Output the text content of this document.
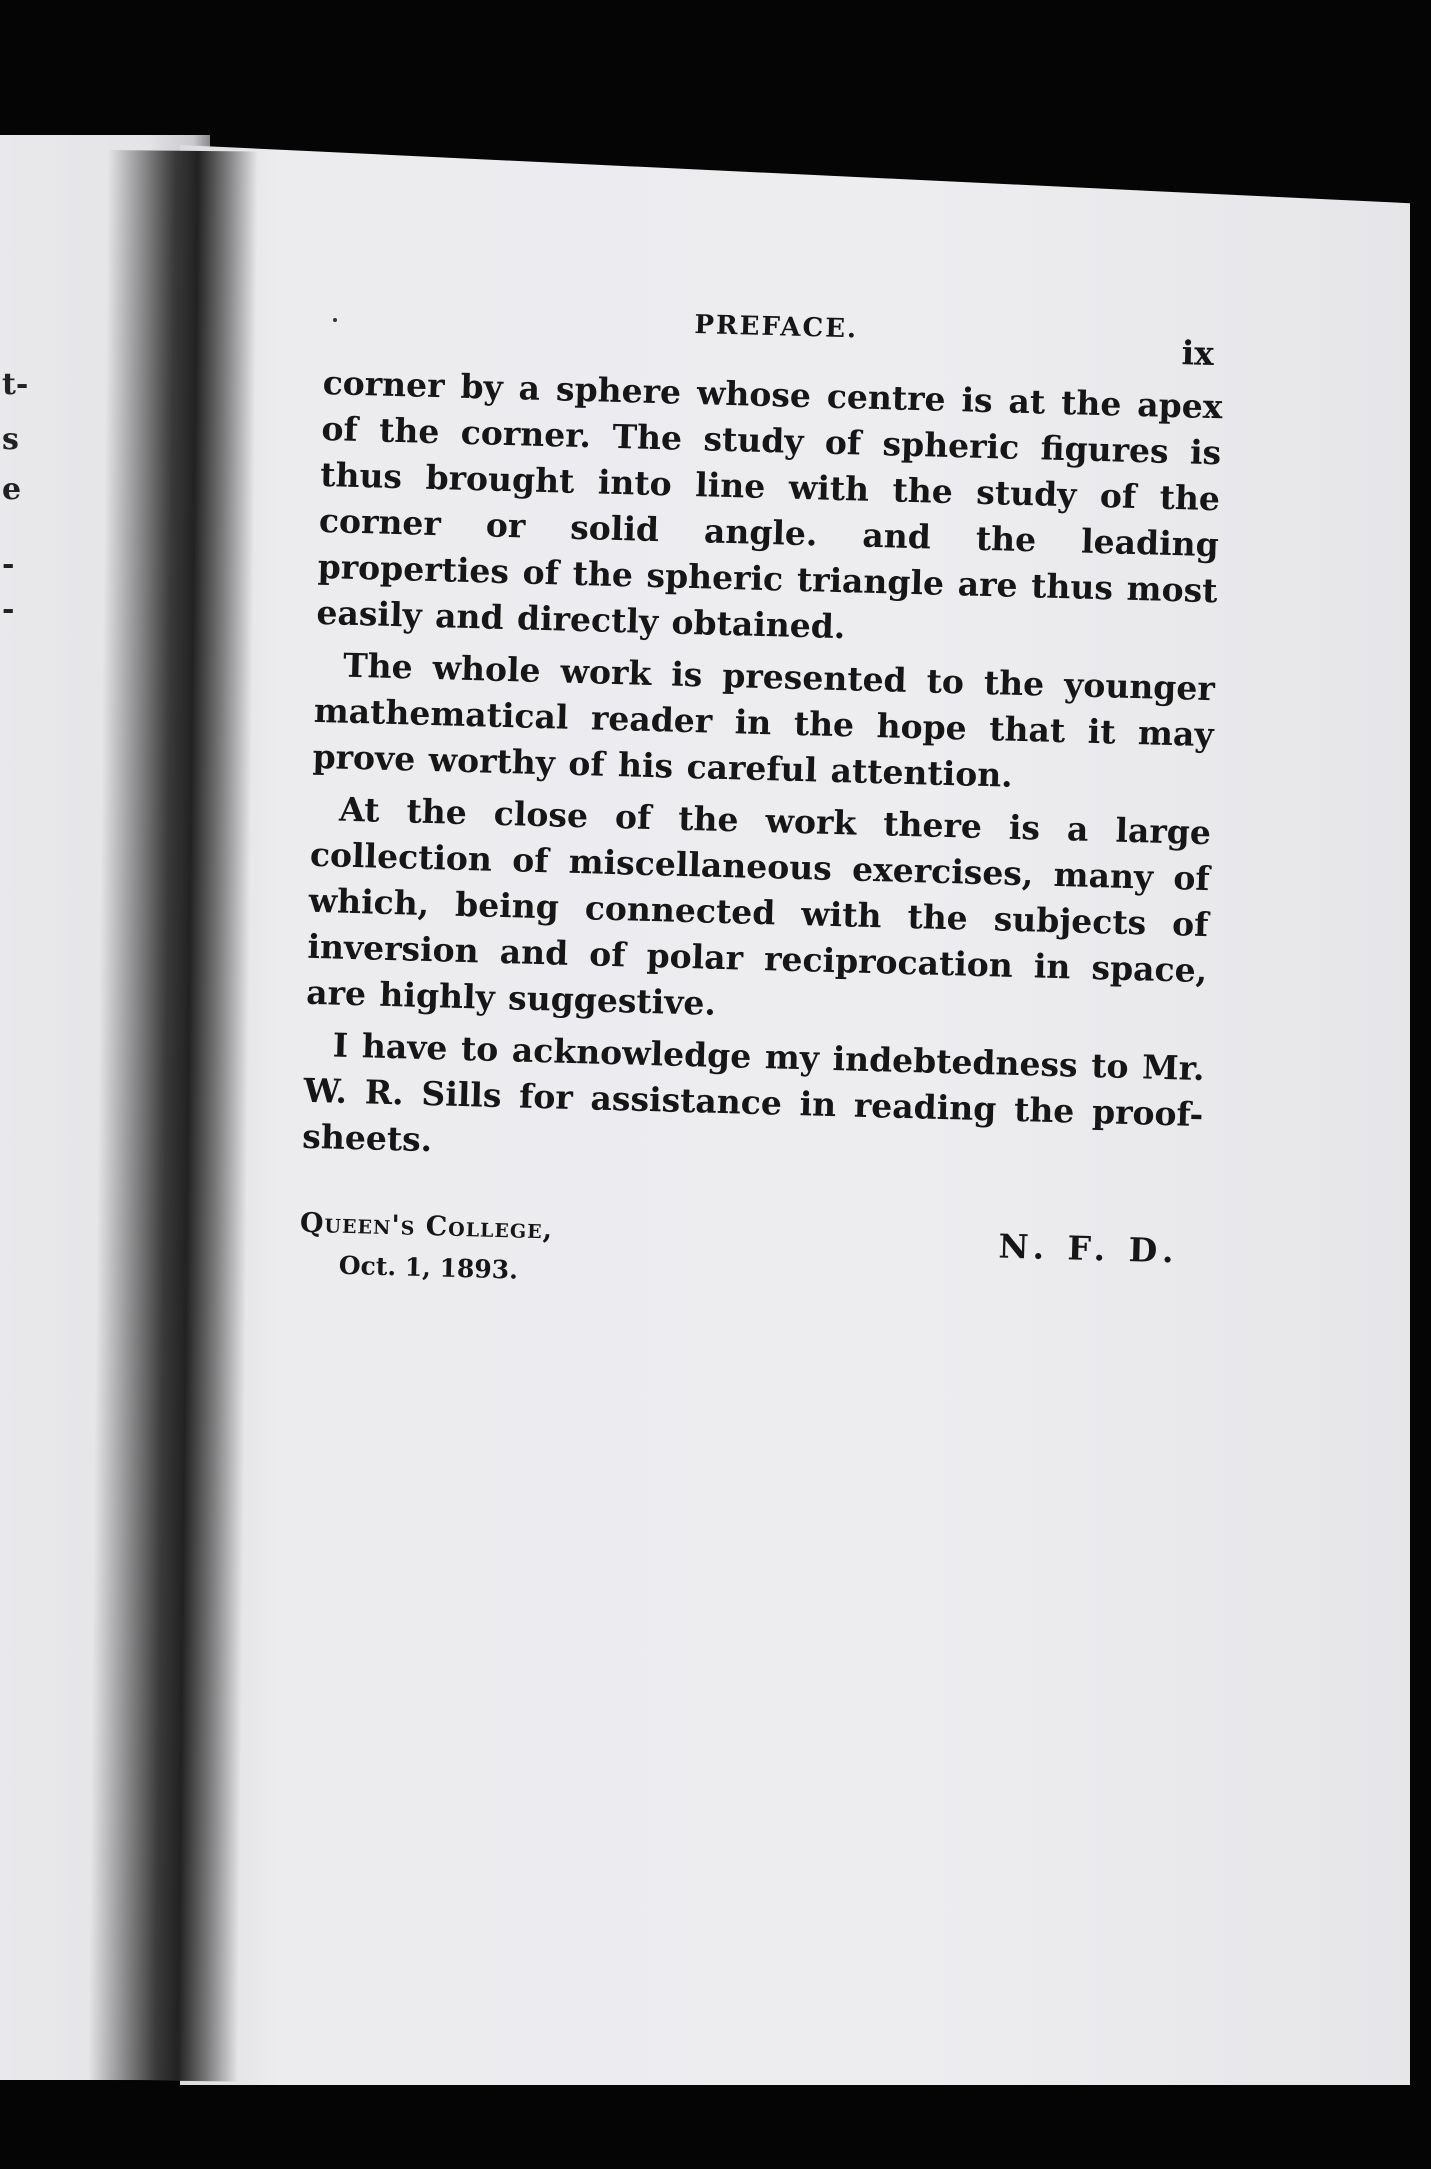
t-
s
e
-
-
PREFACE.
ix

corner by a sphere whose centre is at the apex of the corner. The study of spheric figures is thus brought into line with the study of the corner or solid angle. and the leading properties of the spheric triangle are thus most easily and directly obtained.

The whole work is presented to the younger mathematical reader in the hope that it may prove worthy of his careful attention.

At the close of the work there is a large collection of miscellaneous exercises, many of which, being connected with the subjects of inversion and of polar reciprocation in space, are highly suggestive.

I have to acknowledge my indebtedness to Mr. W. R. Sills for assistance in reading the proof-sheets.

Queen's College,
Oct. 1, 1893.	N. F. D.
